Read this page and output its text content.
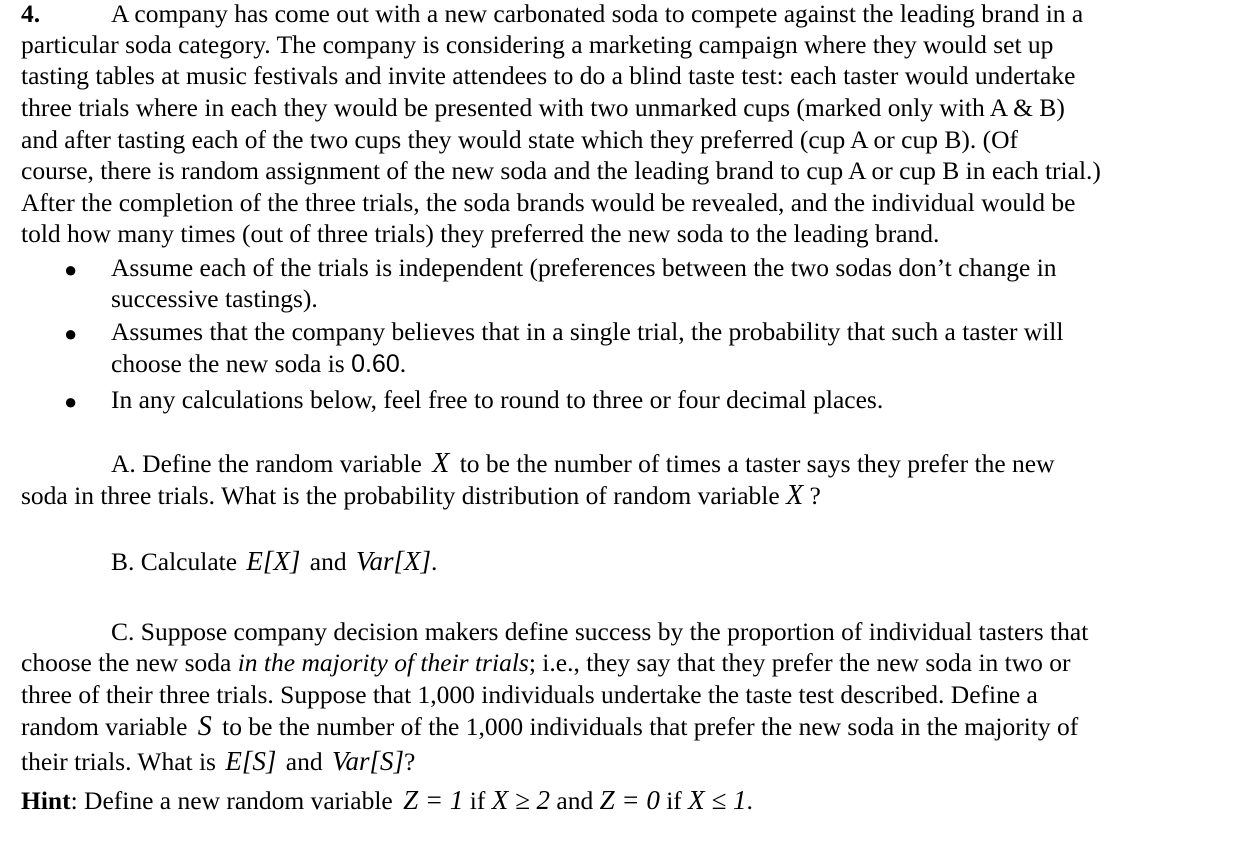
4.	A company has come out with a new carbonated soda to compete against the leading brand in a
particular soda category. The company is considering a marketing campaign where they would set up
tasting tables at music festivals and invite attendees to do a blind taste test: each taster would undertake
three trials where in each they would be presented with two unmarked cups (marked only with A & B)
and after tasting each of the two cups they would state which they preferred (cup A or cup B). (Of
course, there is random assignment of the new soda and the leading brand to cup A or cup B in each trial.)
After the completion of the three trials, the soda brands would be revealed, and the individual would be
told how many times (out of three trials) they preferred the new soda to the leading brand.
● Assume each of the trials is independent (preferences between the two sodas don’t change in
successive tastings).
● Assumes that the company believes that in a single trial, the probability that such a taster will
choose the new soda is 0.60.
● In any calculations below, feel free to round to three or four decimal places.
A. Define the random variable X to be the number of times a taster says they prefer the new
soda in three trials. What is the probability distribution of random variable X ?
B. Calculate E[X] and Var[X].
C. Suppose company decision makers define success by the proportion of individual tasters that
choose the new soda in the majority of their trials; i.e., they say that they prefer the new soda in two or
three of their three trials. Suppose that 1,000 individuals undertake the taste test described. Define a
random variable S to be the number of the 1,000 individuals that prefer the new soda in the majority of
their trials. What is E[S] and Var[S]?
Hint: Define a new random variable Z = 1 if X ≥ 2 and Z = 0 if X ≤ 1.
